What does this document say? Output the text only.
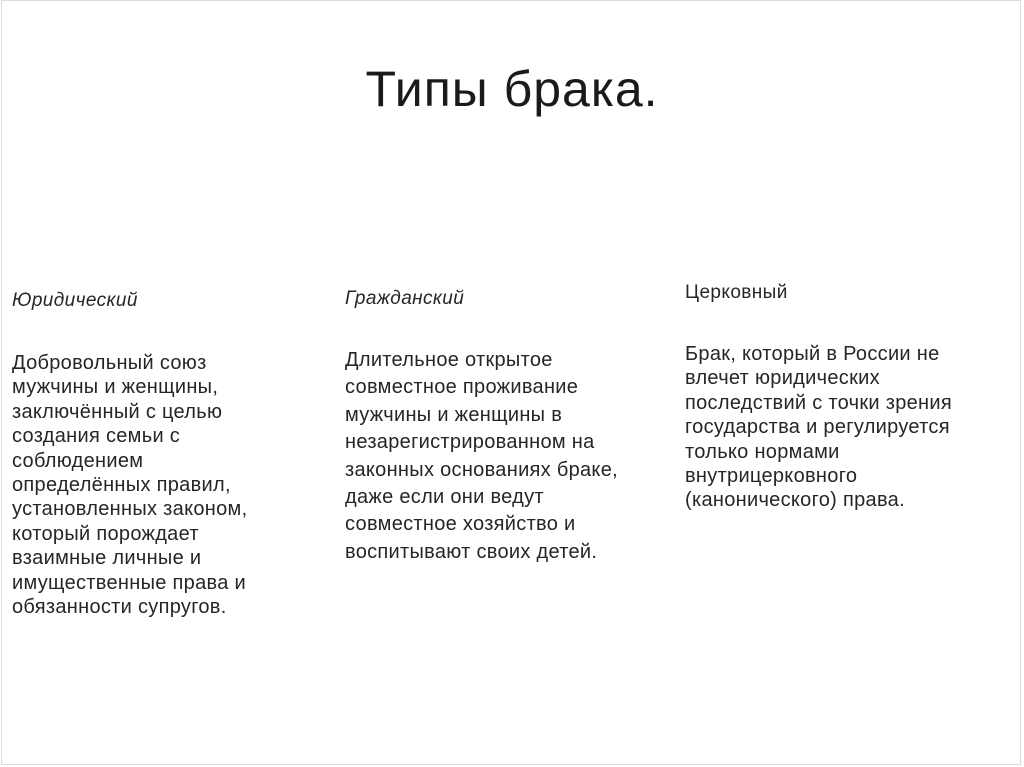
Типы брака.
Юридический
Добровольный союз
мужчины и женщины,
заключённый с целью
создания семьи с
соблюдением
определённых правил,
установленных законом,
который порождает
взаимные личные и
имущественные права и
обязанности супругов.
Гражданский
Длительное открытое
совместное проживание
мужчины и женщины в
незарегистрированном на
законных основаниях браке,
даже если они ведут
совместное хозяйство и
воспитывают своих детей.
Церковный
Брак, который в России не
влечет юридических
последствий с точки зрения
государства и регулируется
только нормами
внутрицерковного
(канонического) права.
